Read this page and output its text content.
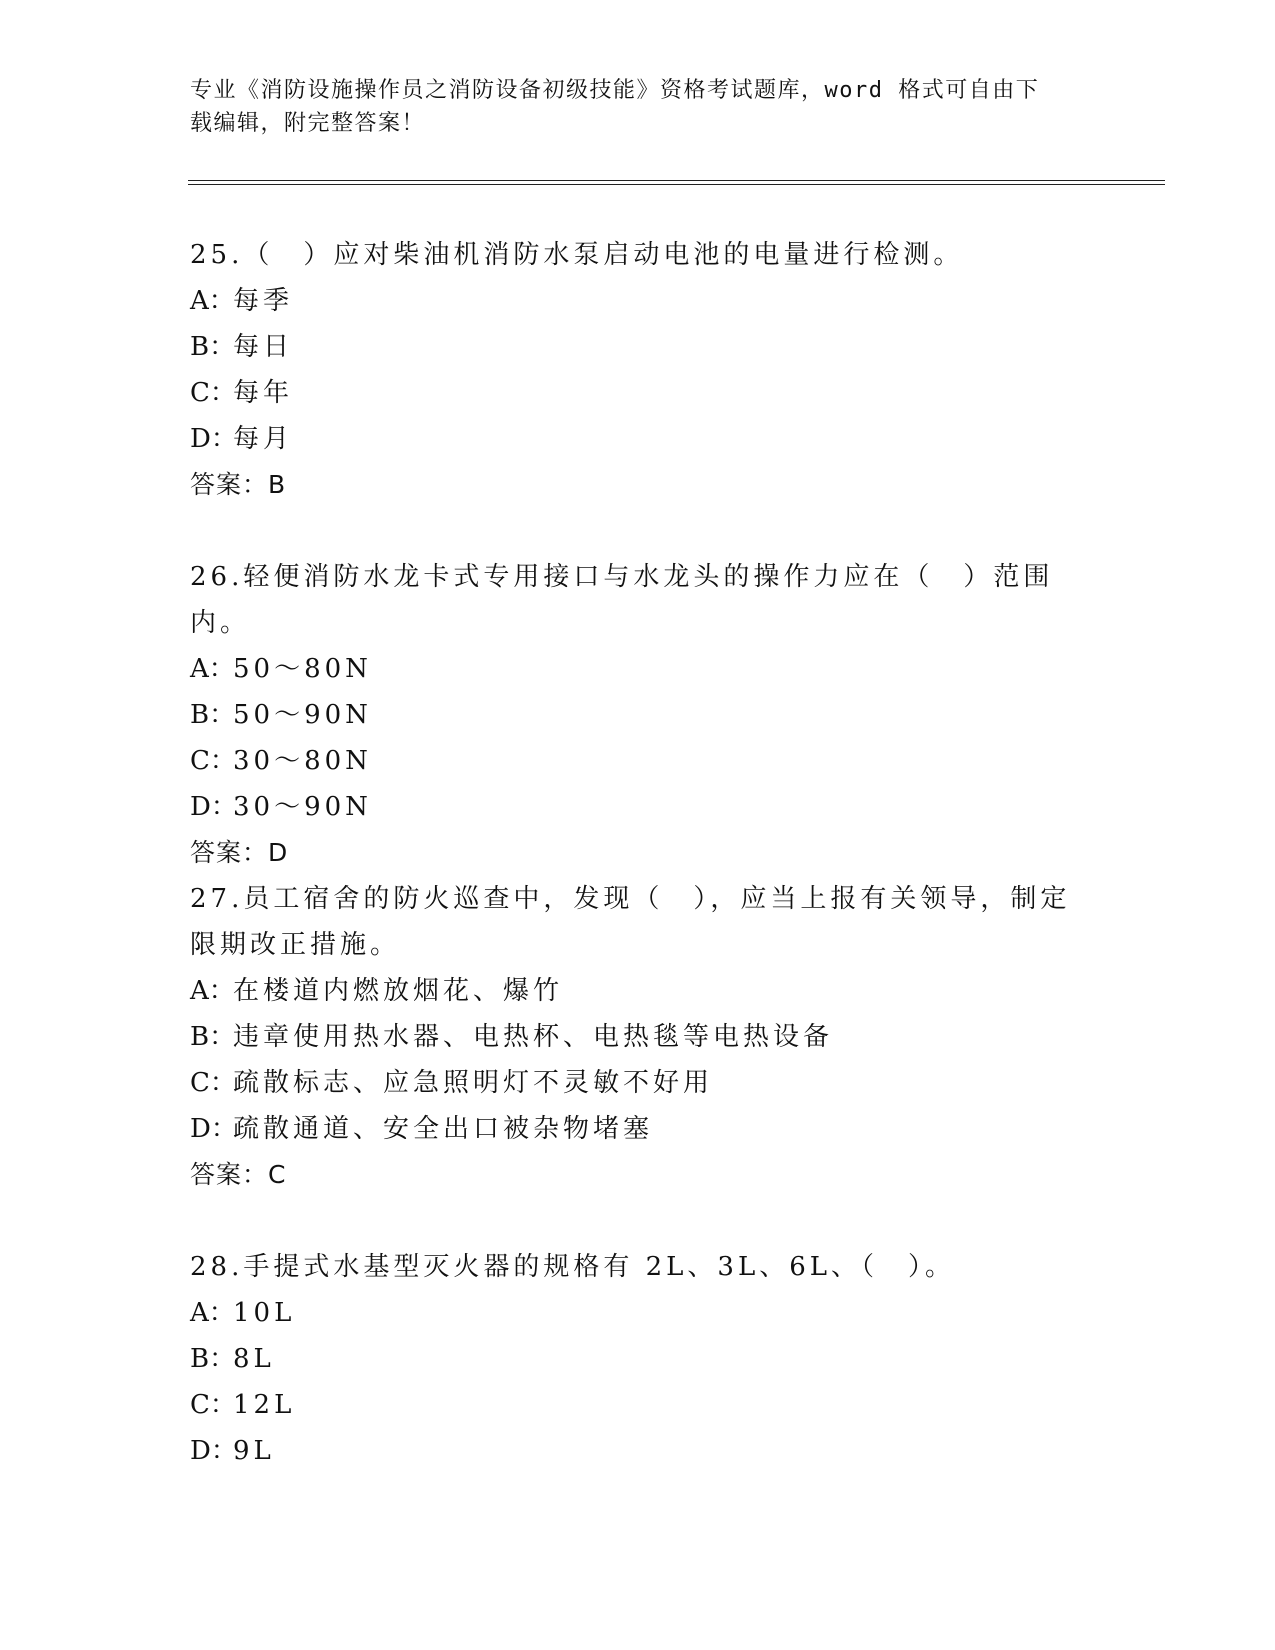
专业《消防设施操作员之消防设备初级技能》资格考试题库，word 格式可自由下
载编辑，附完整答案！

25.（　）应对柴油机消防水泵启动电池的电量进行检测。

A：每季

B：每日

C：每年

D：每月

答案：B

26.轻便消防水龙卡式专用接口与水龙头的操作力应在（　）范围内。

A：50～80N

B：50～90N

C：30～80N

D：30～90N

答案：D

27.员工宿舍的防火巡查中，发现（　），应当上报有关领导，制定限期改正措施。

A：在楼道内燃放烟花、爆竹

B：违章使用热水器、电热杯、电热毯等电热设备

C：疏散标志、应急照明灯不灵敏不好用

D：疏散通道、安全出口被杂物堵塞

答案：C

28.手提式水基型灭火器的规格有 2L、3L、6L、（　）。

A：10L

B：8L

C：12L

D：9L
